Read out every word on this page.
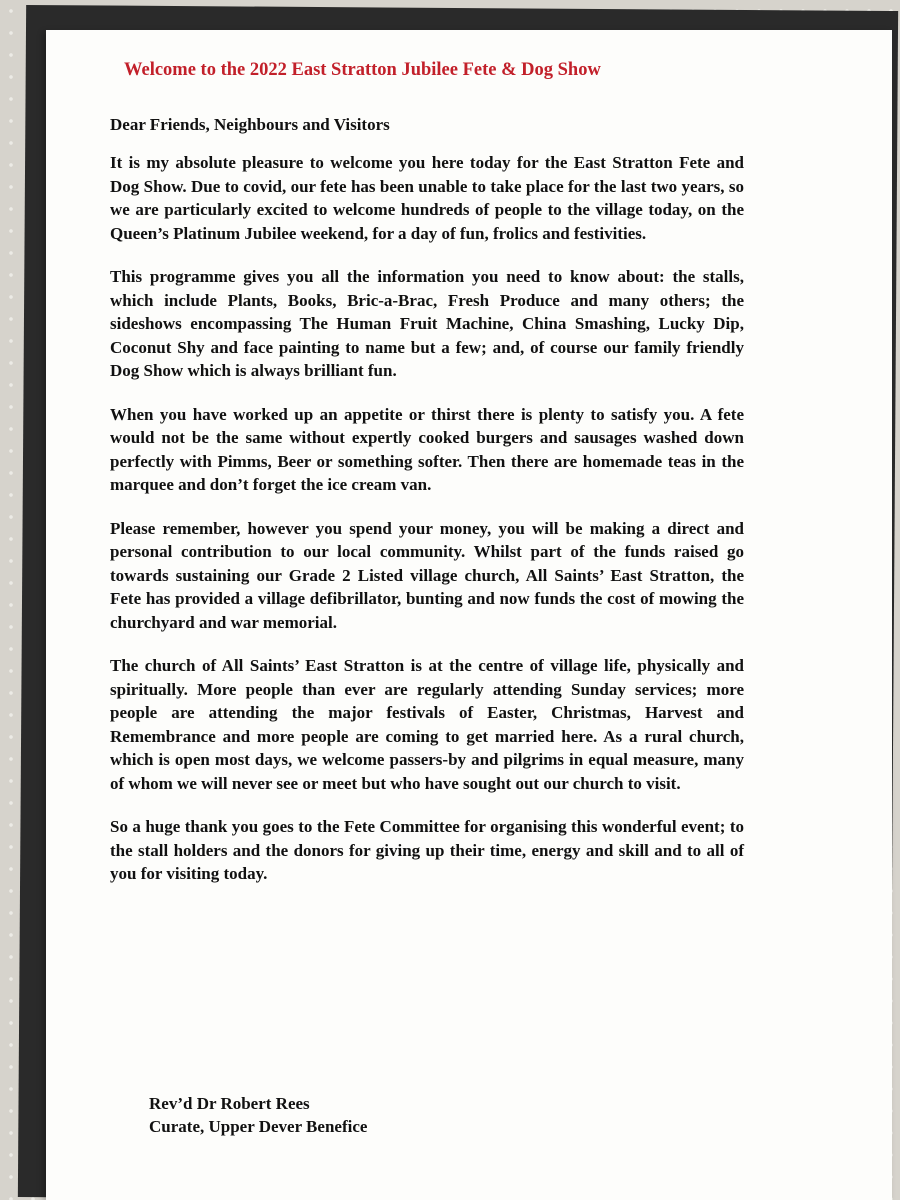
Welcome to the 2022 East Stratton Jubilee Fete & Dog Show

Dear Friends, Neighbours and Visitors

It is my absolute pleasure to welcome you here today for the East Stratton Fete and Dog Show. Due to covid, our fete has been unable to take place for the last two years, so we are particularly excited to welcome hundreds of people to the village today, on the Queen’s Platinum Jubilee weekend, for a day of fun, frolics and festivities.

This programme gives you all the information you need to know about: the stalls, which include Plants, Books, Bric-a-Brac, Fresh Produce and many others; the sideshows encompassing The Human Fruit Machine, China Smashing, Lucky Dip, Coconut Shy and face painting to name but a few; and, of course our family friendly Dog Show which is always brilliant fun.

When you have worked up an appetite or thirst there is plenty to satisfy you. A fete would not be the same without expertly cooked burgers and sausages washed down perfectly with Pimms, Beer or something softer. Then there are homemade teas in the marquee and don’t forget the ice cream van.

Please remember, however you spend your money, you will be making a direct and personal contribution to our local community. Whilst part of the funds raised go towards sustaining our Grade 2 Listed village church, All Saints’ East Stratton, the Fete has provided a village defibrillator, bunting and now funds the cost of mowing the churchyard and war memorial.

The church of All Saints’ East Stratton is at the centre of village life, physically and spiritually. More people than ever are regularly attending Sunday services; more people are attending the major festivals of Easter, Christmas, Harvest and Remembrance and more people are coming to get married here. As a rural church, which is open most days, we welcome passers-by and pilgrims in equal measure, many of whom we will never see or meet but who have sought out our church to visit.

So a huge thank you goes to the Fete Committee for organising this wonderful event; to the stall holders and the donors for giving up their time, energy and skill and to all of you for visiting today.

Rev’d Dr Robert Rees
Curate, Upper Dever Benefice
